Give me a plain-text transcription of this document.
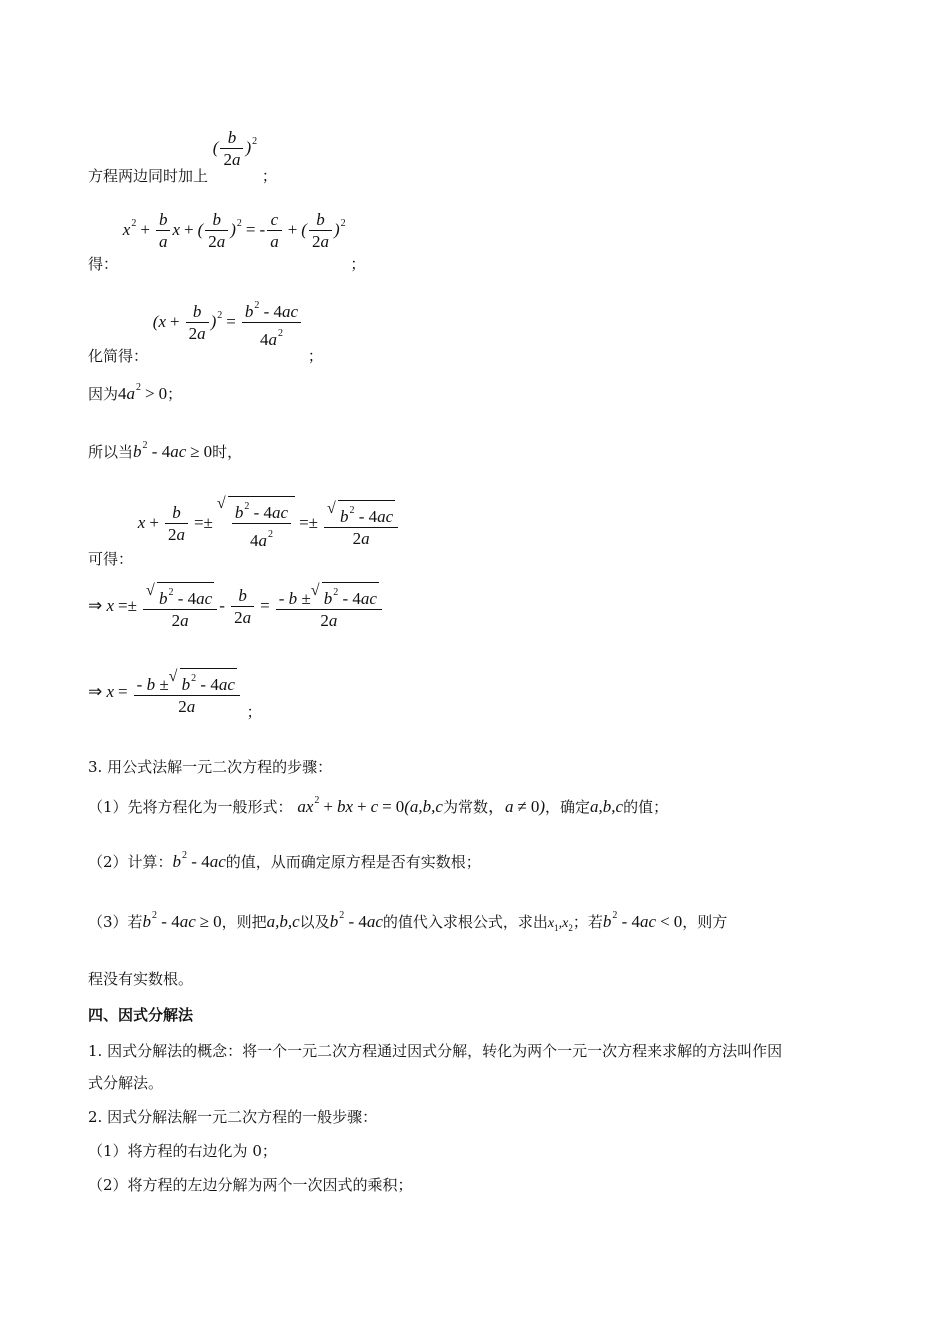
方程两边同时加上 ( $\frac{b}{2a} )^2$ ；
得： $x^2 + \frac{b}{a}$ x + ( $\frac{b}{2a} )^2$ = - $\frac{c}{a}$ + ( $\frac{b}{2a} )^2$ ；
化简得： $(x + \frac{b}{2a} )^2 = \frac{b^2 - 4ac}{4a^2}$
；
因为$4a^2 > 0$；
所以当$b^2 - 4ac \ge 0$时，
可得： $x + \frac{b}{2a}$ =± √ $\frac{b^2 - 4ac}{4a^2}$ =± √ $\frac{b^2 - 4ac}{2a}$
⇒ x =± √ $\frac{b^2 - 4ac}{2a} - \frac{b}{2a} = \frac{- b \pm √ b^2 - 4ac}{2a}$
⇒ $x = \frac{- b \pm √ b^2 - 4ac}{2a}$ ；
3. 用公式法解一元二次方程的步骤：
（1）先将方程化为一般形式： $ax^2$ + bx + c = 0(a,b,c为常数，a ≠ 0)，确定a,b,c的值；
（2）计算：$b^2 - 4ac$的值，从而确定原方程是否有实数根；
（3）若$b^2 - 4ac \ge 0$，则把a,b,c以及$b^2 - 4ac$的值代入求根公式，求出$x_1,x_2$；若$b^2 - 4ac < 0$，则方
程没有实数根。
四、因式分解法
1. 因式分解法的概念：将一个一元二次方程通过因式分解，转化为两个一元一次方程来求解的方法叫作因
式分解法。
2. 因式分解法解一元二次方程的一般步骤：
（1）将方程的右边化为 0；
（2）将方程的左边分解为两个一次因式的乘积；
